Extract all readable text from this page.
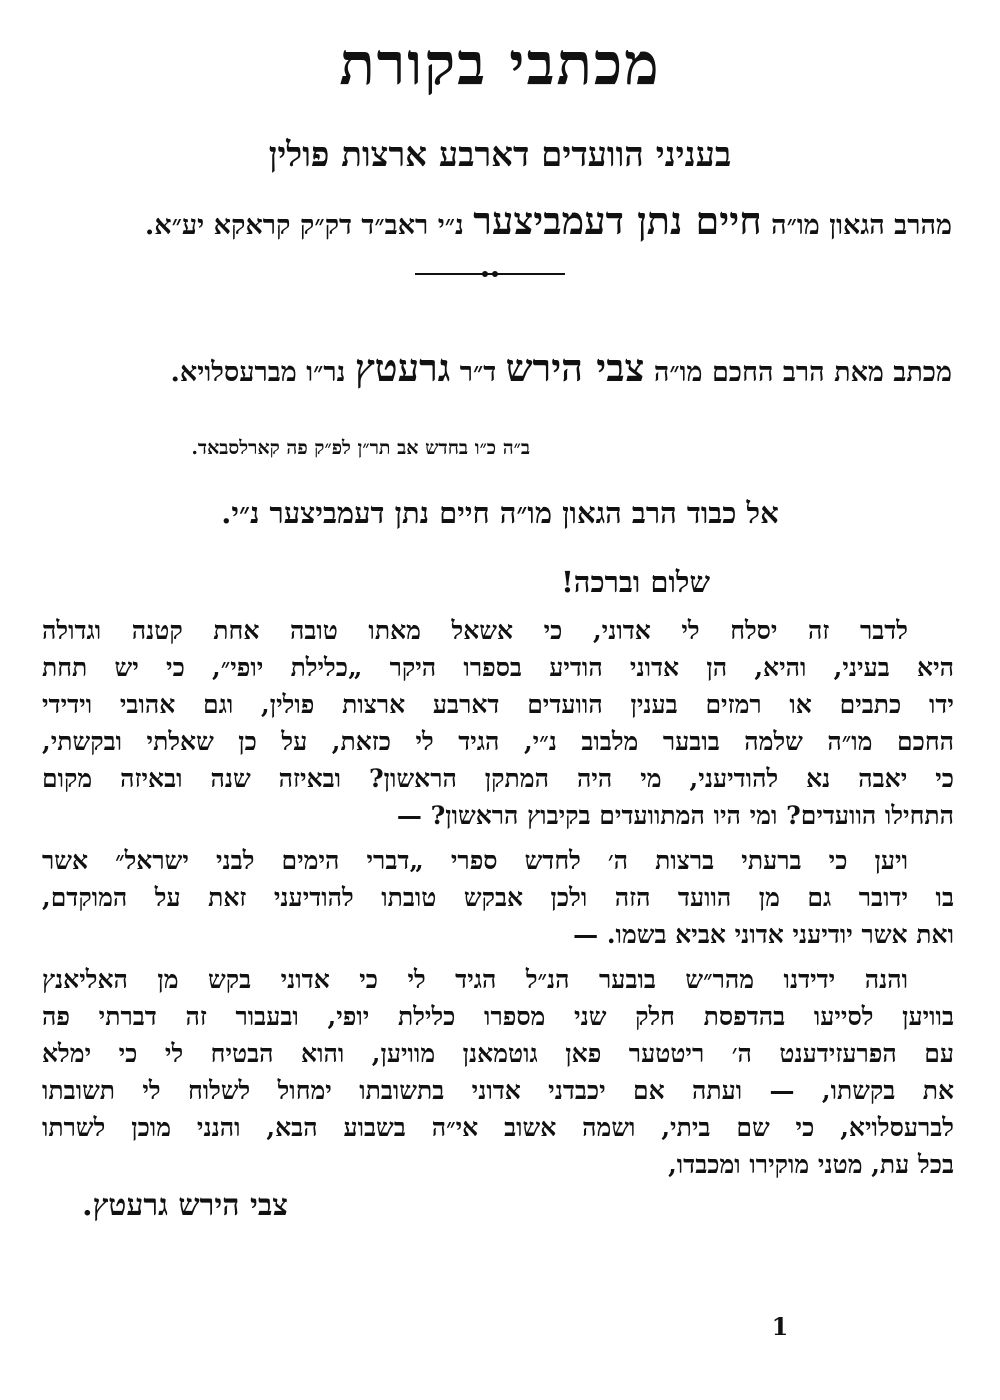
מכתבי בקורת
בעניני הוועדים דארבע ארצות פולין
מהרב הגאון מו״ה חיים נתן דעמביצער נ״י ראב״ד דק״ק קראקא יע״א.
מכתב מאת הרב החכם מו״ה צבי הירש ד״ר גרעטץ נר״ו מברעסלויא.
ב״ה כ״ו בחדש אב תר״ן לפ״ק פה קארלסבאד.
אל כבוד הרב הגאון מו״ה חיים נתן דעמביצער נ״י.
שלום וברכה!
לדבר זה יסלח לי אדוני, כי אשאל מאתו טובה אחת קטנה וגדולה
היא בעיני, והיא, הן אדוני הודיע בספרו היקר „כלילת יופי״, כי יש תחת
ידו כתבים או רמזים בענין הוועדים דארבע ארצות פולין, וגם אהובי וידידי
החכם מו״ה שלמה בובער מלבוב נ״י, הגיד לי כזאת, על כן שאלתי ובקשתי,
כי יאבה נא להודיעני, מי היה המתקן הראשון? ובאיזה שנה ובאיזה מקום
התחילו הוועדים? ומי היו המתוועדים בקיבוץ הראשון? —
ויען כי ברעתי ברצות ה׳ לחדש ספרי „דברי הימים לבני ישראל״ אשר
בו ידובר גם מן הוועד הזה ולכן אבקש טובתו להודיעני זאת על המוקדם,
ואת אשר יודיעני אדוני אביא בשמו. —
והנה ידידנו מהר״ש בובער הנ״ל הגיד לי כי אדוני בקש מן האליאנץ
בוויען לסייעו בהדפסת חלק שני מספרו כלילת יופי, ובעבור זה דברתי פה
עם הפרעזידענט ה׳ ריטטער פאן גוטמאנן מוויען, והוא הבטיח לי כי ימלא
את בקשתו, — ועתה אם יכבדני אדוני בתשובתו ימחול לשלוח לי תשובתו
לברעסלויא, כי שם ביתי, ושמה אשוב אי״ה בשבוע הבא, והנני מוכן לשרתו
בכל עת, מטני מוקירו ומכבדו,
צבי הירש גרעטץ.
1
